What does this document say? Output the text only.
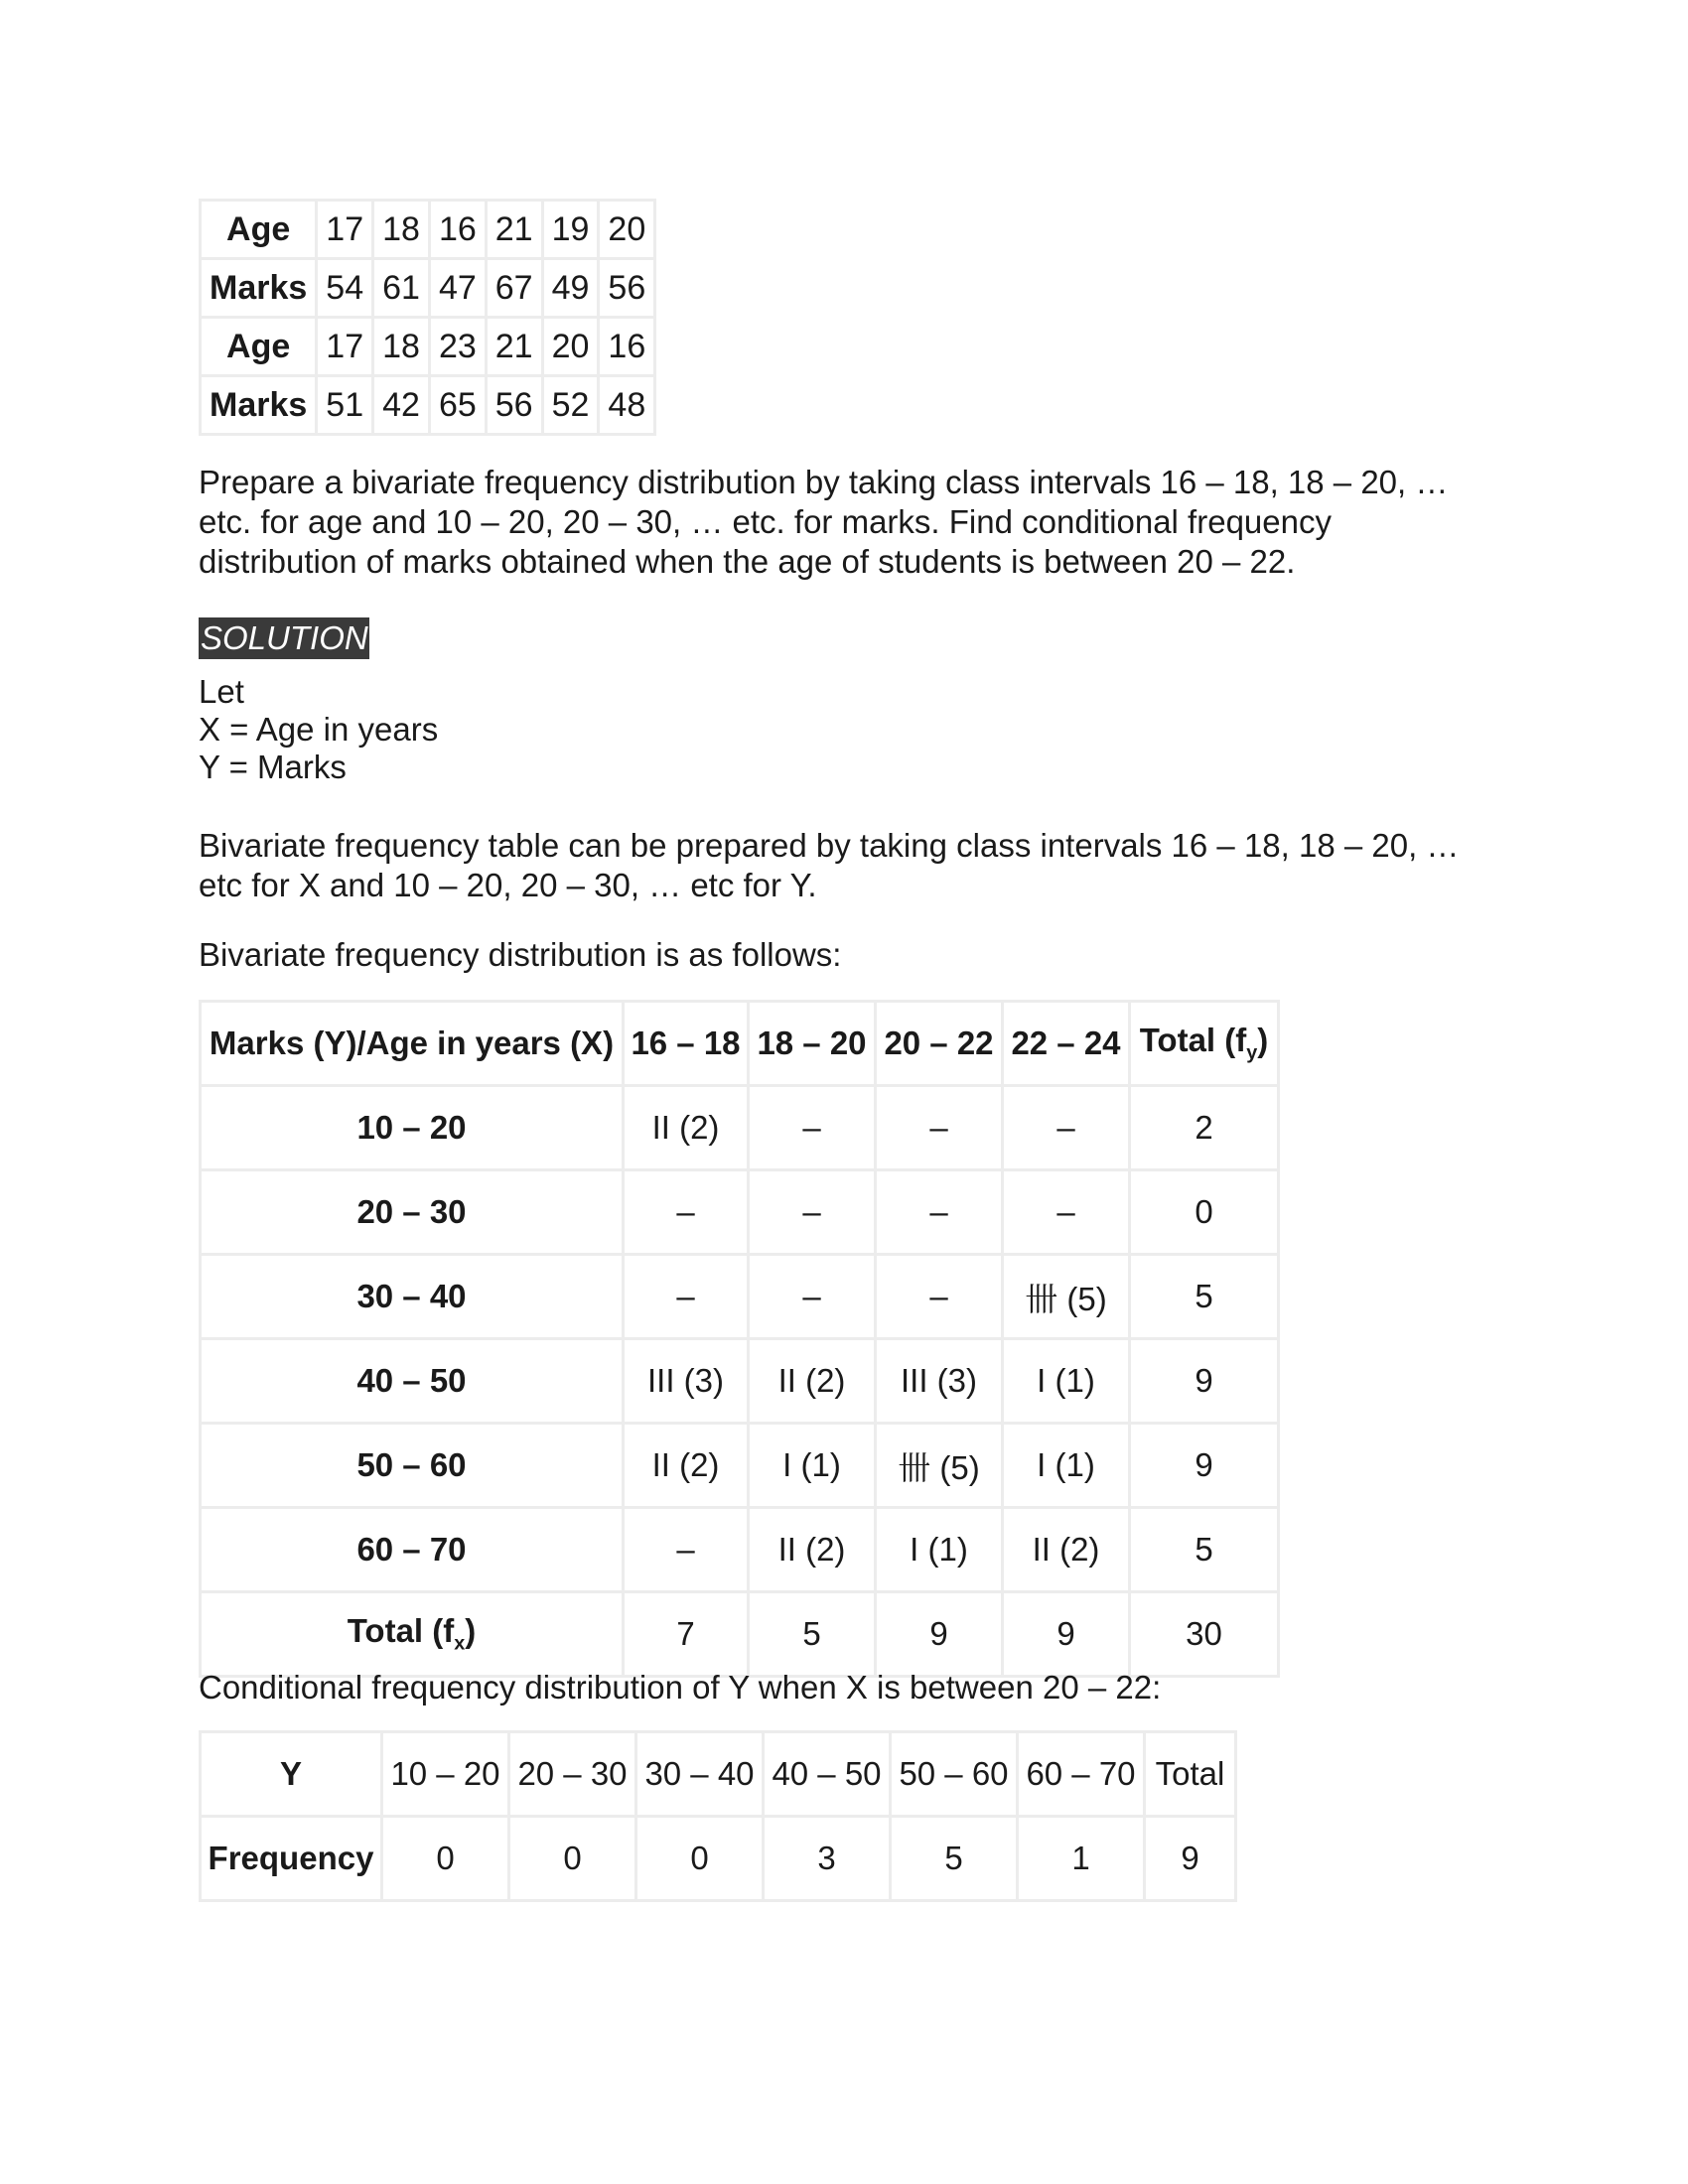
Age	17	18	16	21	19	20
Marks	54	61	47	67	49	56
Age	17	18	23	21	20	16
Marks	51	42	65	56	52	48
Prepare a bivariate frequency distribution by taking class intervals 16 – 18, 18 – 20, …
etc. for age and 10 – 20, 20 – 30, … etc. for marks. Find conditional frequency
distribution of marks obtained when the age of students is between 20 – 22.
SOLUTION
Let
X = Age in years
Y = Marks
Bivariate frequency table can be prepared by taking class intervals 16 – 18, 18 – 20, …
etc for X and 10 – 20, 20 – 30, … etc for Y.
Bivariate frequency distribution is as follows:
Marks (Y)/Age in years (X)	16 – 18	18 – 20	20 – 22	22 – 24	Total $(f_y)$
10 – 20	II (2)	–	–	–	2
20 – 30	–	–	–	–	0
30 – 40	–	–	–	卌 (5)	5
40 – 50	III (3)	II (2)	III (3)	I (1)	9
50 – 60	II (2)	I (1)	卌 (5)	I (1)	9
60 – 70	–	II (2)	I (1)	II (2)	5
Total $(f_x)$	7	5	9	9	30
Conditional frequency distribution of Y when X is between 20 – 22:
Y	10 – 20	20 – 30	30 – 40	40 – 50	50 – 60	60 – 70	Total
Frequency	0	0	0	3	5	1	9
